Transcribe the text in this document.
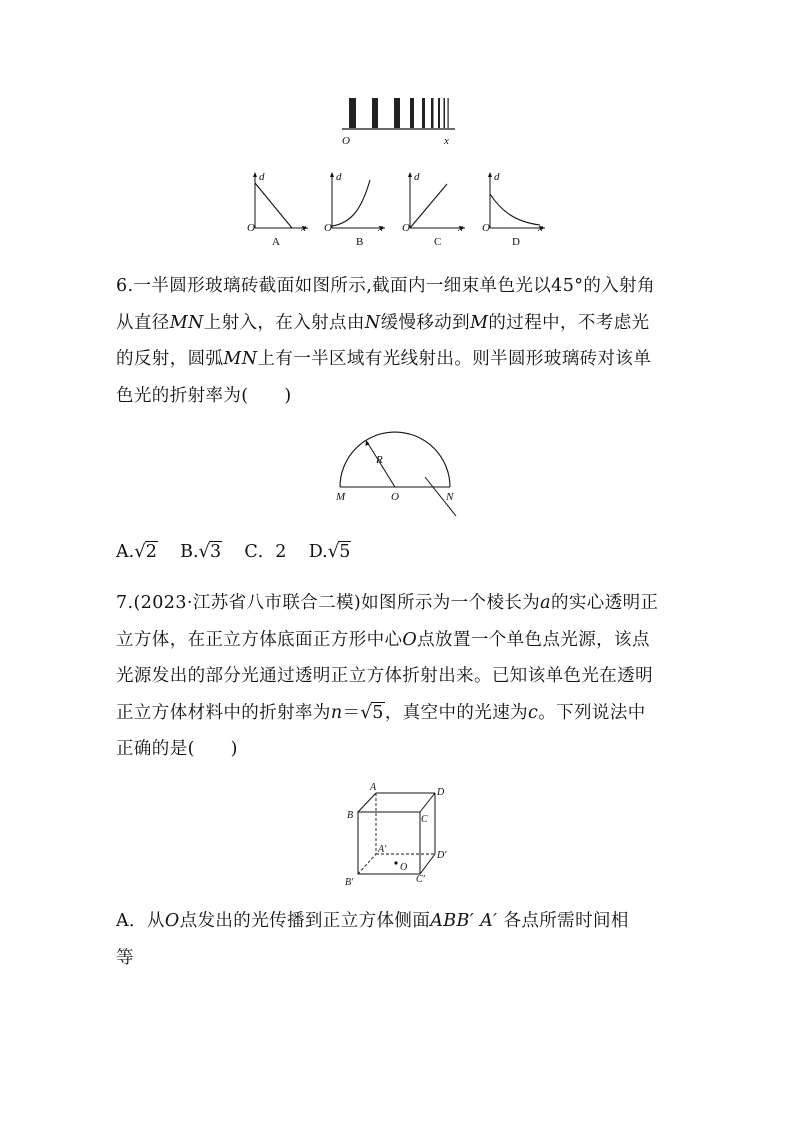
O	x
d
O	x
A
d
O	x
B
d
O	x
C
d
O	x
D

6.一半圆形玻璃砖截面如图所示,截面内一细束单色光以45°的入射角

从直径MN上射入，在入射点由N缓慢移动到M的过程中，不考虑光

的反射，圆弧MN上有一半区域有光线射出。则半圆形玻璃砖对该单

色光的折射率为(　　)

R
M	O	N
A.√2 B.√3 C．2 D.√5

7.(2023·江苏省八市联合二模)如图所示为一个棱长为a的实心透明正

立方体，在正立方体底面正方形中心O点放置一个单色点光源，该点

光源发出的部分光通过透明正立方体折射出来。已知该单色光在透明

正立方体材料中的折射率为n＝√5，真空中的光速为c。下列说法中

正确的是(　　)

A
B	C
D
A′
D′
O
B′	C′

A．从O点发出的光传播到正立方体侧面ABB′ A′ 各点所需时间相

等
